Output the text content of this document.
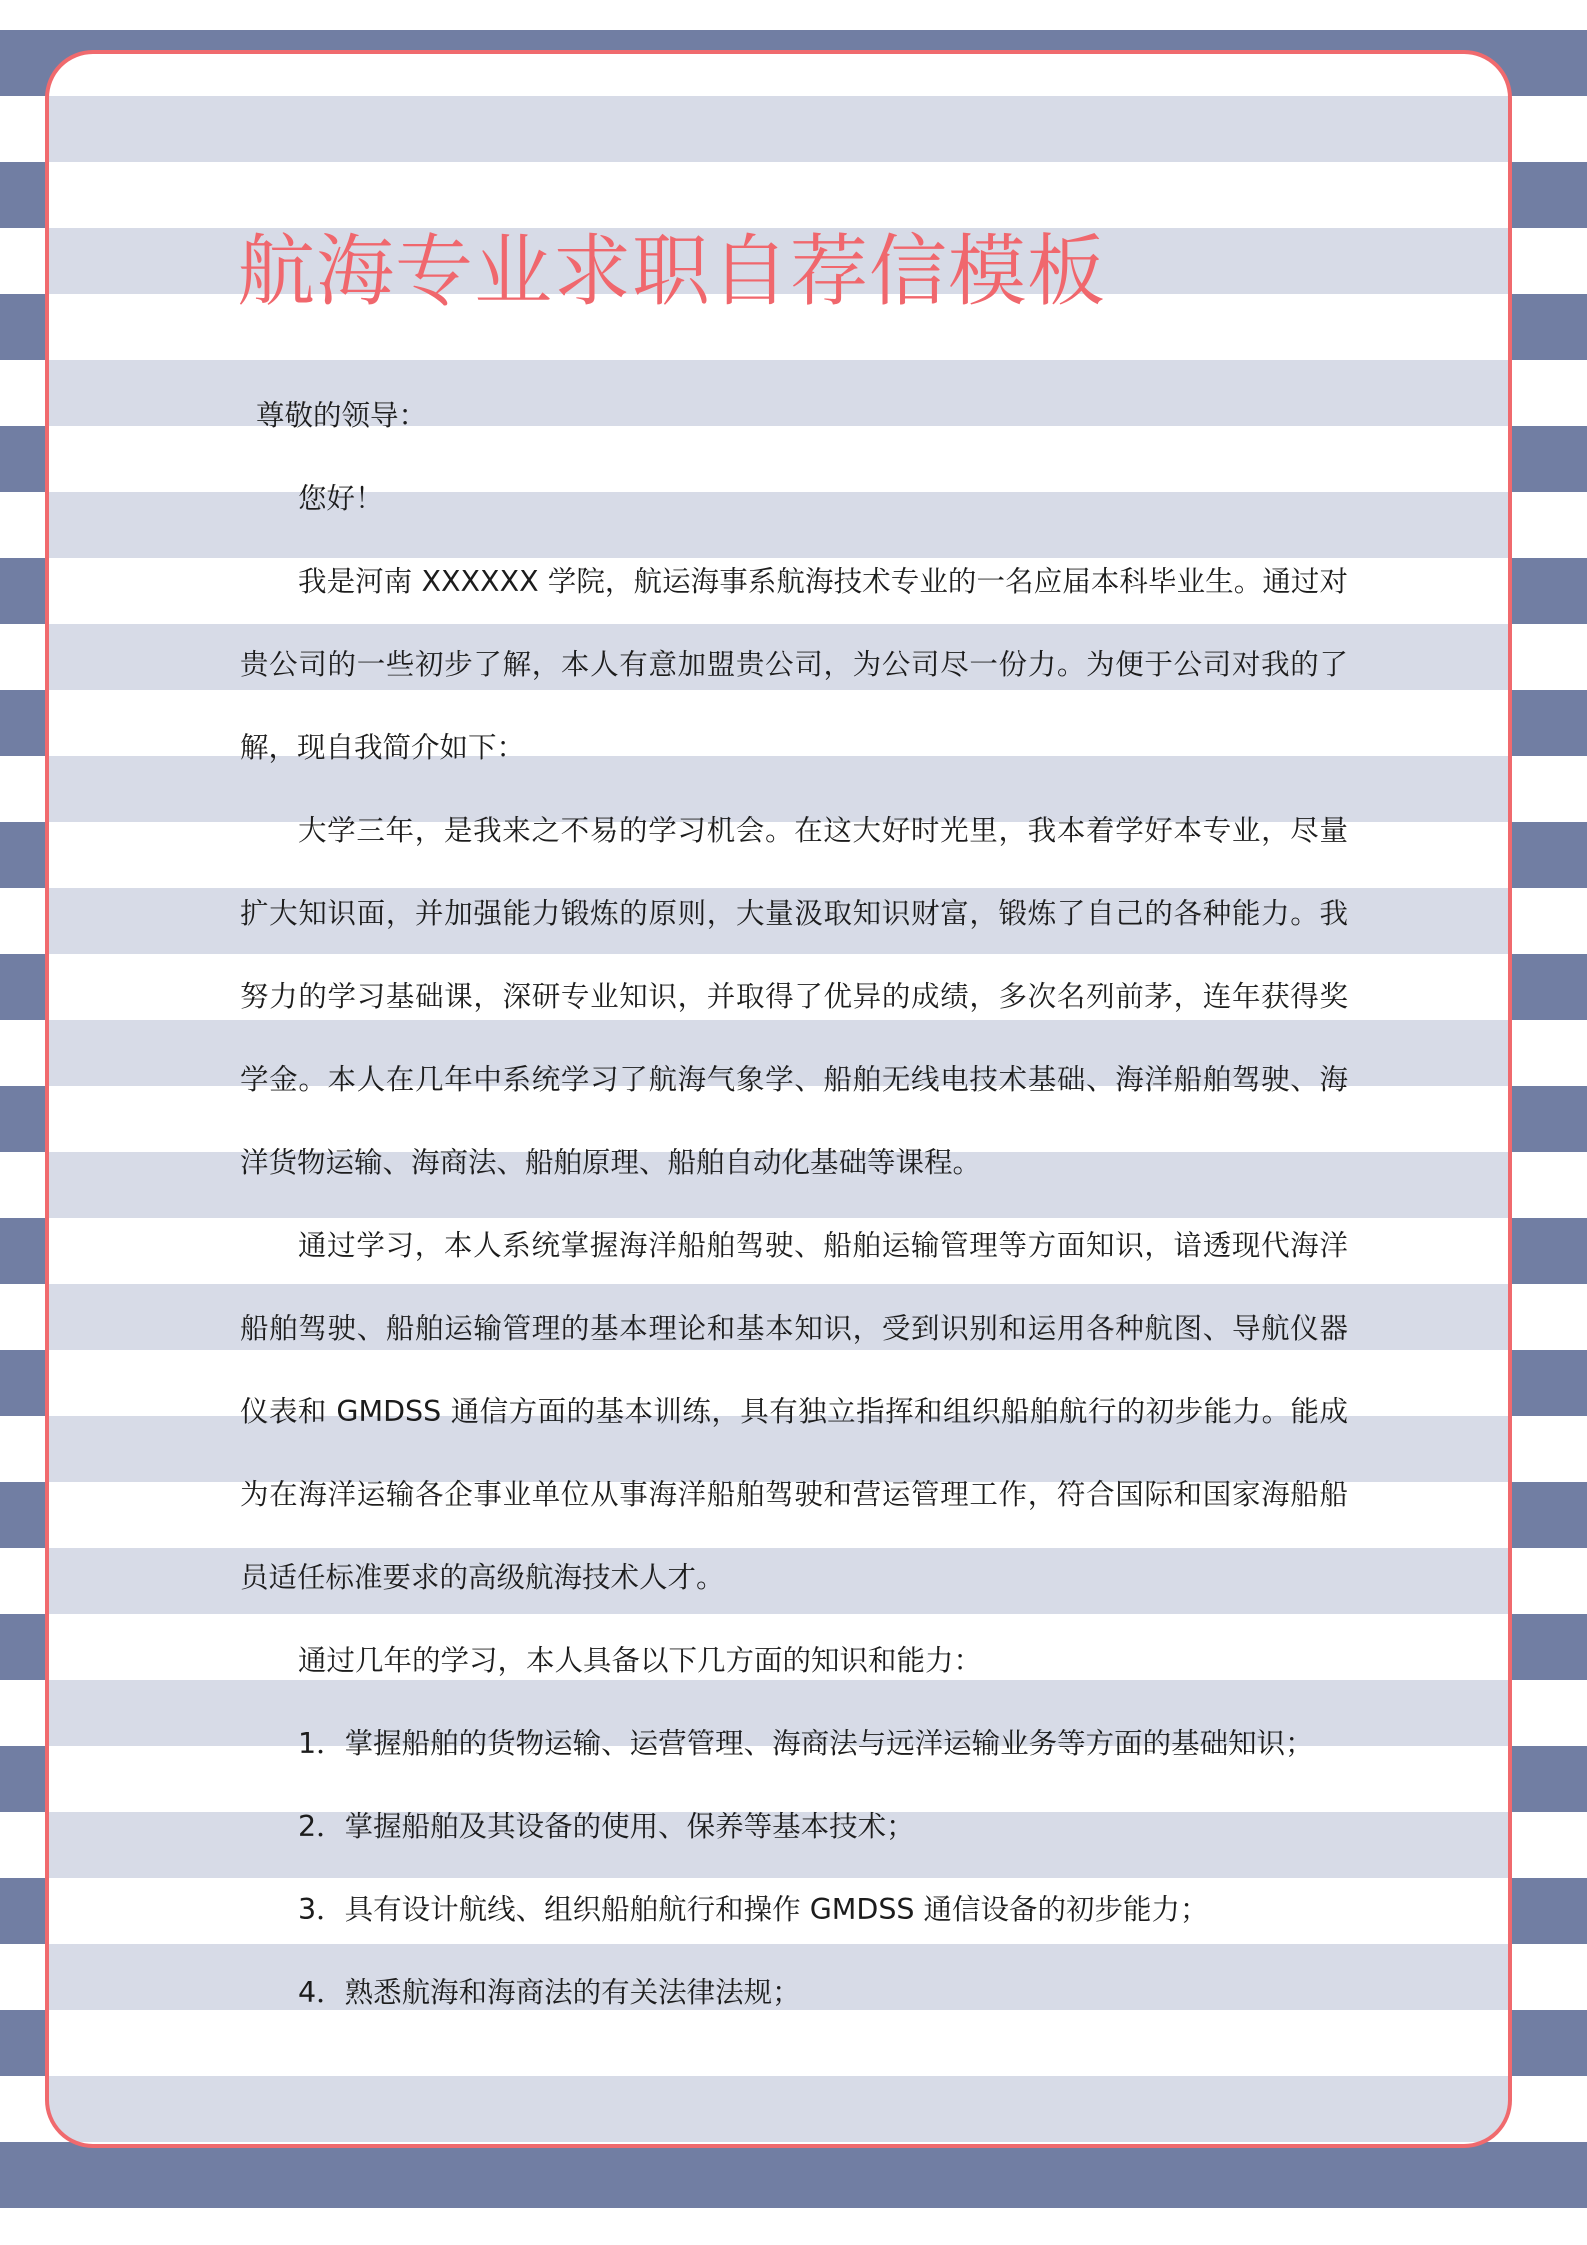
航海专业求职自荐信模板

尊敬的领导：

您好！

我是河南 XXXXXX 学院，航运海事系航海技术专业的一名应届本科毕业生。通过对贵公司的一些初步了解，本人有意加盟贵公司，为公司尽一份力。为便于公司对我的了解，现自我简介如下：

大学三年，是我来之不易的学习机会。在这大好时光里，我本着学好本专业，尽量扩大知识面，并加强能力锻炼的原则，大量汲取知识财富，锻炼了自己的各种能力。我努力的学习基础课，深研专业知识，并取得了优异的成绩，多次名列前茅，连年获得奖学金。本人在几年中系统学习了航海气象学、船舶无线电技术基础、海洋船舶驾驶、海洋货物运输、海商法、船舶原理、船舶自动化基础等课程。

通过学习，本人系统掌握海洋船舶驾驶、船舶运输管理等方面知识，谙透现代海洋船舶驾驶、船舶运输管理的基本理论和基本知识，受到识别和运用各种航图、导航仪器仪表和 GMDSS 通信方面的基本训练，具有独立指挥和组织船舶航行的初步能力。能成为在海洋运输各企事业单位从事海洋船舶驾驶和营运管理工作，符合国际和国家海船船员适任标准要求的高级航海技术人才。

通过几年的学习，本人具备以下几方面的知识和能力：

1．掌握船舶的货物运输、运营管理、海商法与远洋运输业务等方面的基础知识；

2．掌握船舶及其设备的使用、保养等基本技术；

3．具有设计航线、组织船舶航行和操作 GMDSS 通信设备的初步能力；

4．熟悉航海和海商法的有关法律法规；
